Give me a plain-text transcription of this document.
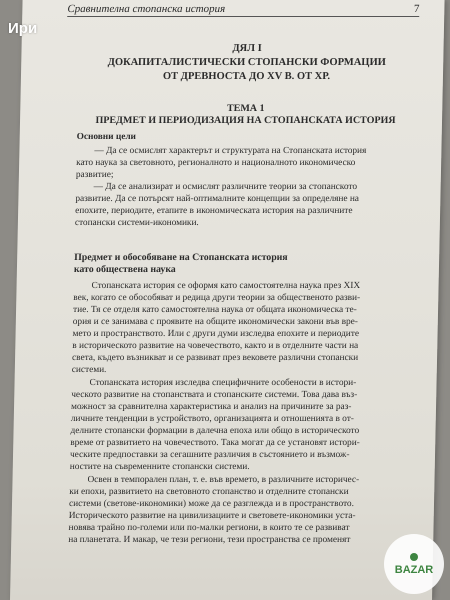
Ири
Сравнителна стопанска история	7
ДЯЛ I
ДОКАПИТАЛИСТИЧЕСКИ СТОПАНСКИ ФОРМАЦИИ
ОТ ДРЕВНОСТА ДО XV В. ОТ ХР.
ТЕМА 1
ПРЕДМЕТ И ПЕРИОДИЗАЦИЯ НА СТОПАНСКАТА ИСТОРИЯ
Основни цели
— Да се осмислят характерът и структурата на Стопанската история
като наука за световното, регионалното и националното икономическо
развитие;
— Да се анализират и осмислят различните теории за стопанското
развитие. Да се потърсят най-оптималните концепции за определяне на
епохите, периодите, етапите в икономическата история на различните
стопански системи-икономики.
Предмет и обособяване на Стопанската история
като обществена наука
Стопанската история се оформя като самостоятелна наука през XIX
век, когато се обособяват и редица други теории за общественото разви-
тие. Тя се отделя като самостоятелна наука от общата икономическа те-
ория и се занимава с проявите на общите икономически закони във вре-
мето и пространството. Или с други думи изследва епохите и периодите
в историческото развитие на човечеството, както и в отделните части на
света, където възникват и се развиват през вековете различни стопански
системи.
Стопанската история изследва специфичните особености в истори-
ческото развитие на стопанствата и стопанските системи. Това дава въз-
можност за сравнителна характеристика и анализ на причините за раз-
личните тенденции в устройството, организацията и отношенията в от-
делните стопански формации в далечна епоха или общо в историческото
време от развитието на човечеството. Така могат да се установят истори-
ческите предпоставки за сегашните различия в състоянието и възмож-
ностите на съвременните стопански системи.
Освен в темпорален план, т. е. във времето, в различните историчес-
ки епохи, развитието на световното стопанство и отделните стопански
системи (светове-икономики) може да се разглежда и в пространството.
Историческото развитие на цивилизациите и световете-икономики уста-
новява трайно по-големи или по-малки региони, в които те се развиват
на планетата. И макар, че тези региони, тези пространства се променят
BAZAR
